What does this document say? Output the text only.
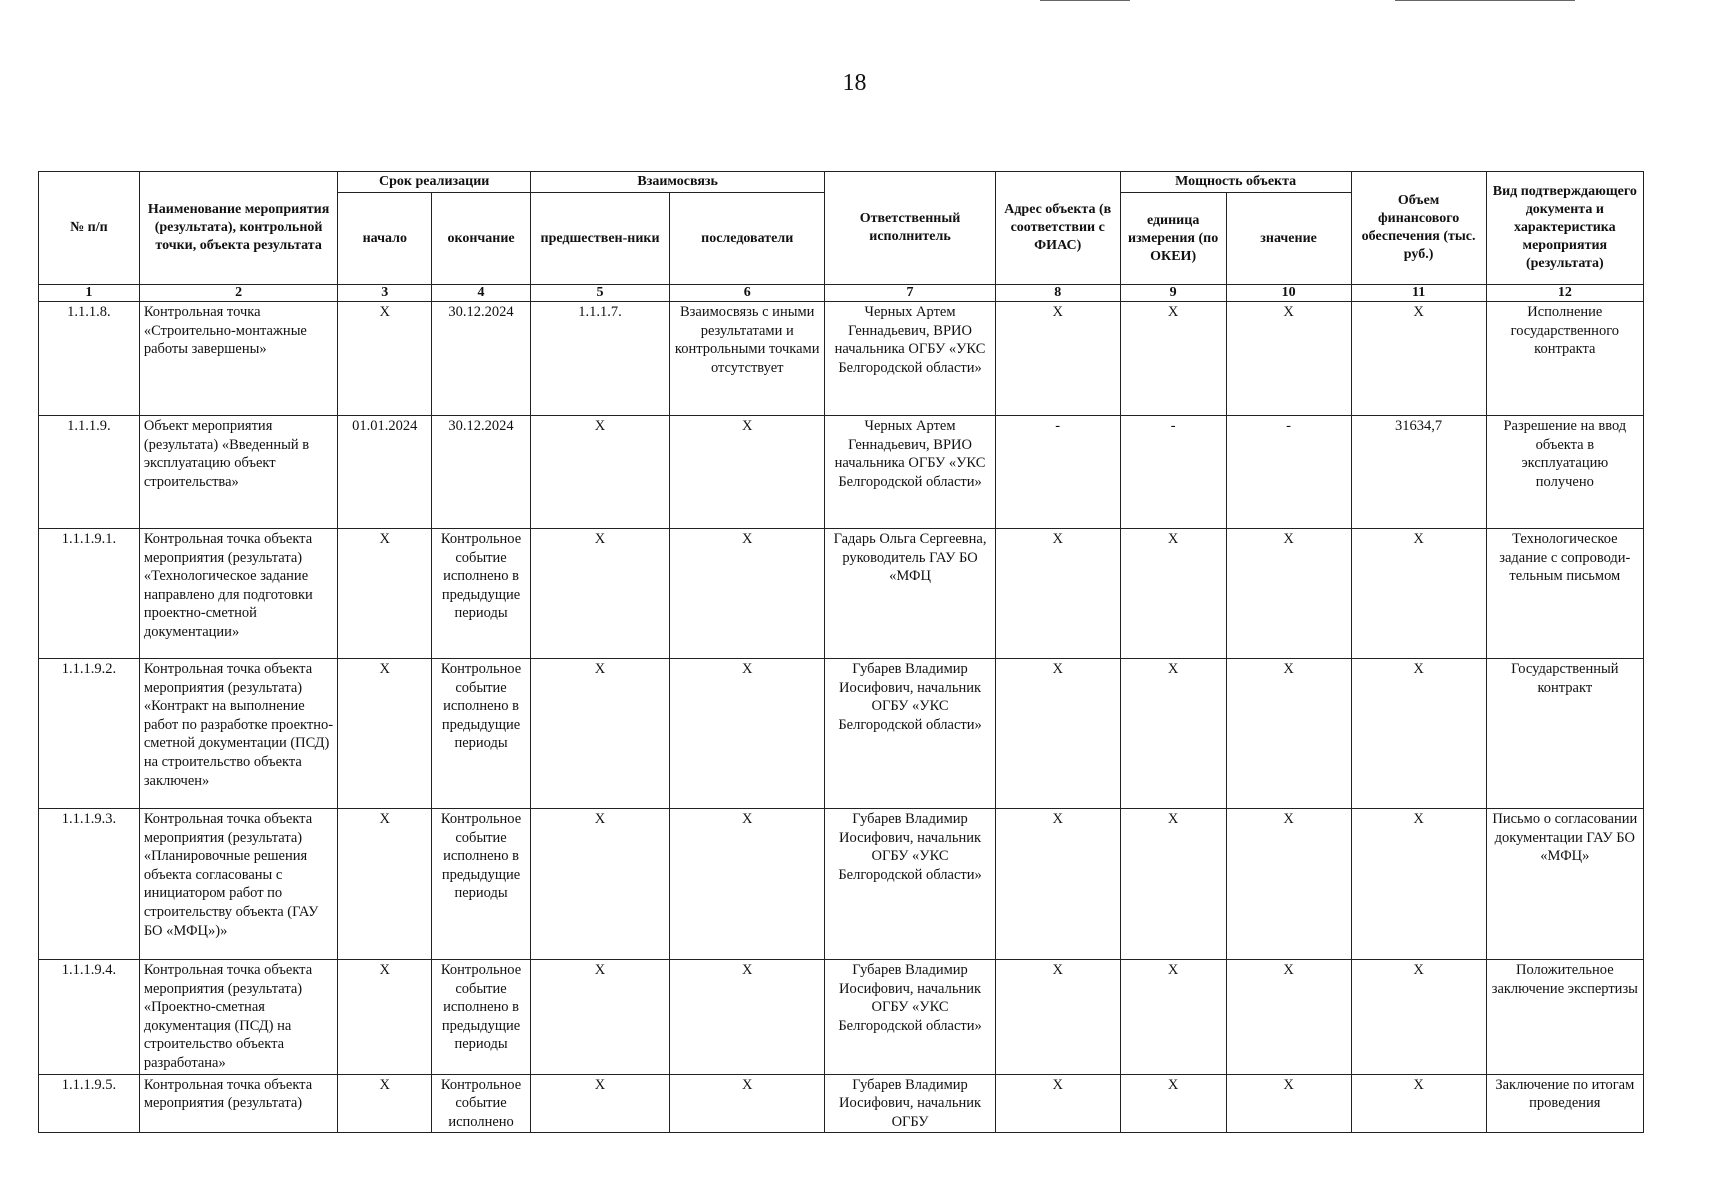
18
№ п/п	Наименование мероприятия (результата), контрольной точки, объекта результата	Срок реализации		Взаимосвязь		Ответственный исполнитель	Адрес объекта (в соответствии с ФИАС)	Мощность объекта		Объем финансового обеспечения (тыс. руб.)	Вид подтверждающего документа и характеристика мероприятия (результата)
		начало	окончание	предшествен-ники	последователи			единица измерения (по ОКЕИ)	значение		
1	2	3	4	5	6	7	8	9	10	11	12
1.1.1.8.	Контрольная точка «Строительно-монтажные работы завершены»	Х	30.12.2024	1.1.1.7.	Взаимосвязь с иными результатами и контрольными точками отсутствует	Черных Артем Геннадьевич, ВРИО начальника ОГБУ «УКС Белгородской области»	Х	Х	Х	Х	Исполнение государственного контракта
1.1.1.9.	Объект мероприятия (результата) «Введенный в эксплуатацию объект строительства»	01.01.2024	30.12.2024	Х	Х	Черных Артем Геннадьевич, ВРИО начальника ОГБУ «УКС Белгородской области»	-	-	-	31634,7	Разрешение на ввод объекта в эксплуатацию получено
1.1.1.9.1.	Контрольная точка объекта мероприятия (результата) «Технологическое задание направлено для подготовки проектно-сметной документации»	Х	Контрольное событие исполнено в предыдущие периоды	Х	Х	Гадарь Ольга Сергеевна, руководитель ГАУ БО «МФЦ	Х	Х	Х	Х	Технологическое задание с сопроводи-тельным письмом
1.1.1.9.2.	Контрольная точка объекта мероприятия (результата) «Контракт на выполнение работ по разработке проектно-сметной документации (ПСД) на строительство объекта заключен»	Х	Контрольное событие исполнено в предыдущие периоды	Х	Х	Губарев Владимир Иосифович, начальник ОГБУ «УКС Белгородской области»	Х	Х	Х	Х	Государственный контракт
1.1.1.9.3.	Контрольная точка объекта мероприятия (результата) «Планировочные решения объекта согласованы с инициатором работ по строительству объекта (ГАУ БО «МФЦ»)»	Х	Контрольное событие исполнено в предыдущие периоды	Х	Х	Губарев Владимир Иосифович, начальник ОГБУ «УКС Белгородской области»	Х	Х	Х	Х	Письмо о согласовании документации ГАУ БО «МФЦ»
1.1.1.9.4.	Контрольная точка объекта мероприятия (результата) «Проектно-сметная документация (ПСД) на строительство объекта разработана»	Х	Контрольное событие исполнено в предыдущие периоды	Х	Х	Губарев Владимир Иосифович, начальник ОГБУ «УКС Белгородской области»	Х	Х	Х	Х	Положительное заключение экспертизы
1.1.1.9.5.	Контрольная точка объекта мероприятия (результата)	Х	Контрольное событие исполнено	Х	Х	Губарев Владимир Иосифович, начальник ОГБУ	Х	Х	Х	Х	Заключение по итогам проведения
